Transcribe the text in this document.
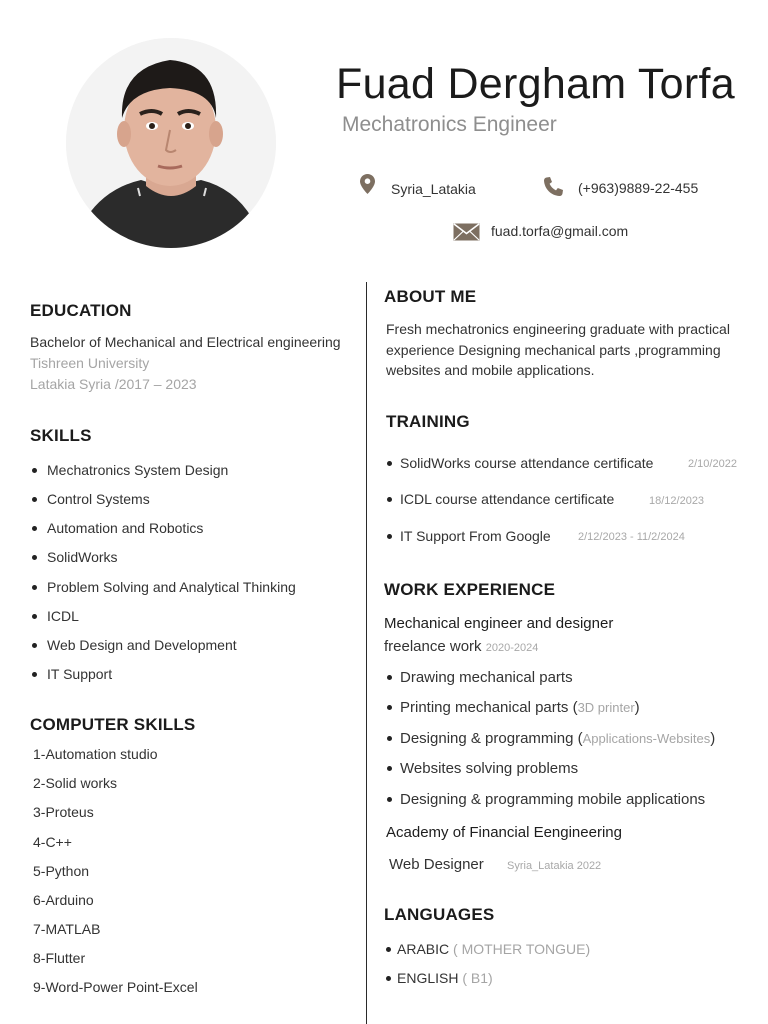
Fuad Dergham Torfa
Mechatronics Engineer
Syria_Latakia	(+963)9889-22-455
fuad.torfa@gmail.com
EDUCATION
Bachelor of Mechanical and Electrical engineering
Tishreen University
Latakia Syria /2017 – 2023
SKILLS
Mechatronics System Design
Control Systems
Automation and Robotics
SolidWorks
Problem Solving and Analytical Thinking
ICDL
Web Design and Development
IT Support
COMPUTER SKILLS
1-Automation studio
2-Solid works
3-Proteus
4-C++
5-Python
6-Arduino
7-MATLAB
8-Flutter
9-Word-Power Point-Excel
ABOUT ME
Fresh mechatronics engineering graduate with practical
experience Designing mechanical parts ,programming
websites and mobile applications.
TRAINING
SolidWorks course attendance certificate	2/10/2022
ICDL course attendance certificate	18/12/2023
IT Support From Google 2/12/2023 - 11/2/2024
WORK EXPERIENCE
Mechanical engineer and designer
freelance work 2020-2024
Drawing mechanical parts
Printing mechanical parts (3D printer)
Designing & programming (Applications-Websites)
Websites solving problems
Designing & programming mobile applications
Academy of Financial Eengineering
Web Designer Syria_Latakia 2022
LANGUAGES
ARABIC ( MOTHER TONGUE)
ENGLISH ( B1)
